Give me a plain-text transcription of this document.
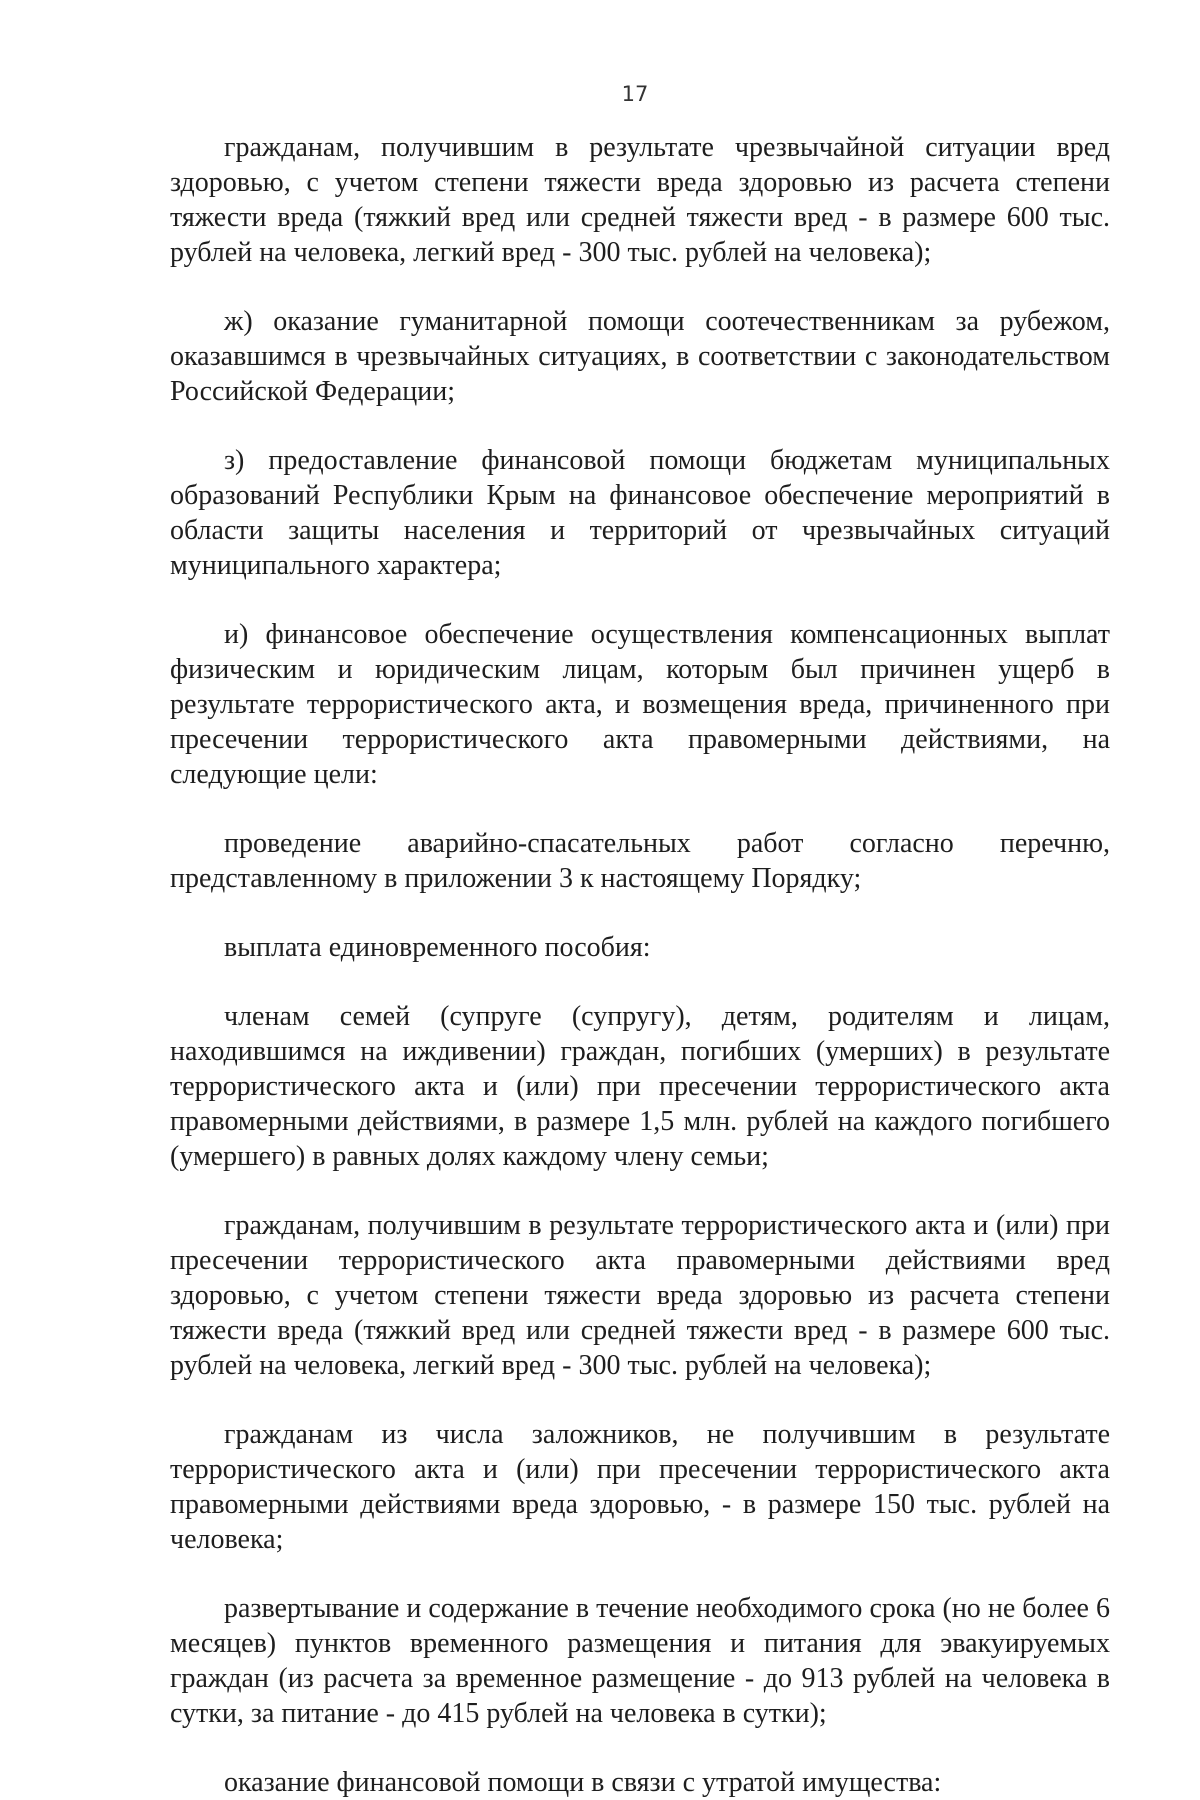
17

гражданам, получившим в результате чрезвычайной ситуации вред здоровью, с учетом степени тяжести вреда здоровью из расчета степени тяжести вреда (тяжкий вред или средней тяжести вред - в размере 600 тыс. рублей на человека, легкий вред - 300 тыс. рублей на человека);

ж) оказание гуманитарной помощи соотечественникам за рубежом, оказавшимся в чрезвычайных ситуациях, в соответствии с законодательством Российской Федерации;

з) предоставление финансовой помощи бюджетам муниципальных образований Республики Крым на финансовое обеспечение мероприятий в области защиты населения и территорий от чрезвычайных ситуаций муниципального характера;

и) финансовое обеспечение осуществления компенсационных выплат физическим и юридическим лицам, которым был причинен ущерб в результате террористического акта, и возмещения вреда, причиненного при пресечении террористического акта правомерными действиями, на следующие цели:

проведение аварийно-спасательных работ согласно перечню, представленному в приложении 3 к настоящему Порядку;

выплата единовременного пособия:

членам семей (супруге (супругу), детям, родителям и лицам, находившимся на иждивении) граждан, погибших (умерших) в результате террористического акта и (или) при пресечении террористического акта правомерными действиями, в размере 1,5 млн. рублей на каждого погибшего (умершего) в равных долях каждому члену семьи;

гражданам, получившим в результате террористического акта и (или) при пресечении террористического акта правомерными действиями вред здоровью, с учетом степени тяжести вреда здоровью из расчета степени тяжести вреда (тяжкий вред или средней тяжести вред - в размере 600 тыс. рублей на человека, легкий вред - 300 тыс. рублей на человека);

гражданам из числа заложников, не получившим в результате террористического акта и (или) при пресечении террористического акта правомерными действиями вреда здоровью, - в размере 150 тыс. рублей на человека;

развертывание и содержание в течение необходимого срока (но не более 6 месяцев) пунктов временного размещения и питания для эвакуируемых граждан (из расчета за временное размещение - до 913 рублей на человека в сутки, за питание - до 415 рублей на человека в сутки);

оказание финансовой помощи в связи с утратой имущества:
